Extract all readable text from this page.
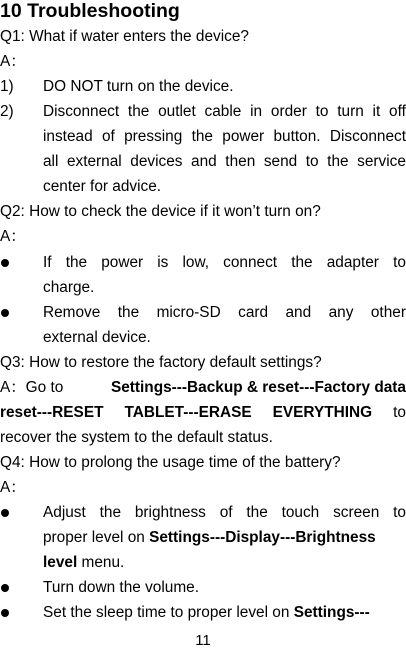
10 Troubleshooting
Q1: What if water enters the device?
A：
1) DO NOT turn on the device.
2) Disconnect the outlet cable in order to turn it off
instead of pressing the power button. Disconnect
all external devices and then send to the service
center for advice.
Q2: How to check the device if it won’t turn on?
A：
If the power is low, connect the adapter to
charge.
Remove the micro-SD card and any other
external device.
Q3: How to restore the factory default settings?
A：Go to	Settings---Backup & reset---Factory data
reset---RESET TABLET---ERASE EVERYTHING to
recover the system to the default status.
Q4: How to prolong the usage time of the battery?
A：
Adjust the brightness of the touch screen to
proper level on Settings---Display---Brightness
level menu.
Turn down the volume.
Set the sleep time to proper level on Settings---
11
